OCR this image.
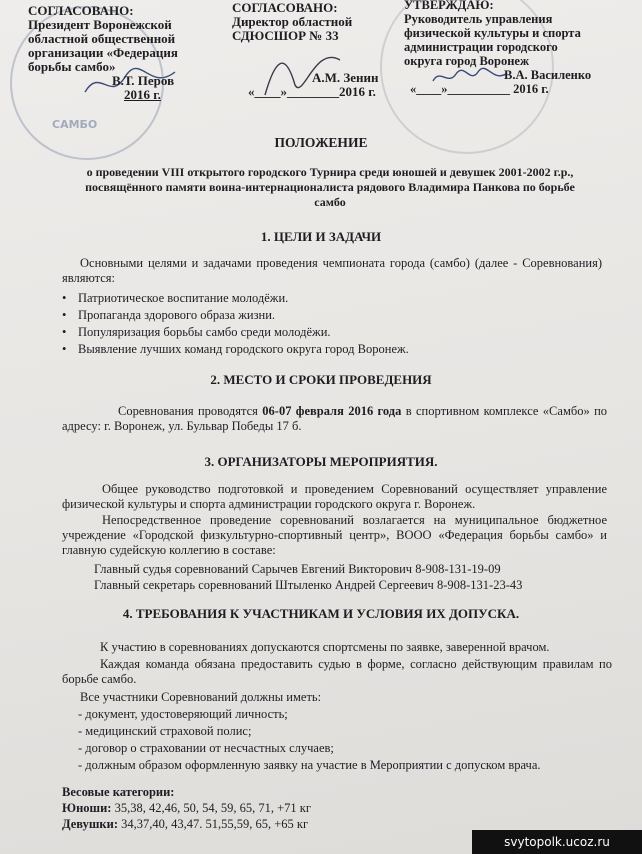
САМБО
СОГЛАСОВАНО:
Президент Воронежской
областной общественной
организации «Федерация
борьбы самбо»
В.Т. Перов
2016 г.
СОГЛАСОВАНО:
Директор областной
СДЮСШОР № 33
А.М. Зенин
«____»________2016 г.
УТВЕРЖДАЮ:
Руководитель управления
физической культуры и спорта
администрации городского
округа город Воронеж
В.А. Василенко
«____»__________ 2016 г.
ПОЛОЖЕНИЕ
о проведении VIII открытого городского Турнира среди юношей и девушек 2001-2002 г.р.,
посвящённого памяти воина-интернационалиста рядового Владимира Панкова по борьбе
самбо
1. ЦЕЛИ И ЗАДАЧИ
Основными целями и задачами проведения чемпионата города (самбо) (далее - Соревнования) являются:
• Патриотическое воспитание молодёжи.
• Пропаганда здорового образа жизни.
• Популяризация борьбы самбо среди молодёжи.
• Выявление лучших команд городского округа город Воронеж.
2. МЕСТО И СРОКИ ПРОВЕДЕНИЯ
Соревнования проводятся 06-07 февраля 2016 года в спортивном комплексе «Самбо» по адресу: г. Воронеж, ул. Бульвар Победы 17 б.
3. ОРГАНИЗАТОРЫ МЕРОПРИЯТИЯ.
Общее руководство подготовкой и проведением Соревнований осуществляет управление физической культуры и спорта администрации городского округа г. Воронеж.
Непосредственное проведение соревнований возлагается на муниципальное бюджетное учреждение «Городской физкультурно-спортивный центр», ВООО «Федерация борьбы самбо» и главную судейскую коллегию в составе:
Главный судья соревнований Сарычев Евгений Викторович 8-908-131-19-09
Главный секретарь соревнований Штыленко Андрей Сергеевич 8-908-131-23-43
4. ТРЕБОВАНИЯ К УЧАСТНИКАМ И УСЛОВИЯ ИХ ДОПУСКА.
К участию в соревнованиях допускаются спортсмены по заявке, заверенной врачом.
Каждая команда обязана предоставить судью в форме, согласно действующим правилам по борьбе самбо.
Все участники Соревнований должны иметь:
- документ, удостоверяющий личность;
- медицинский страховой полис;
- договор о страховании от несчастных случаев;
- должным образом оформленную заявку на участие в Мероприятии с допуском врача.
Весовые категории:
Юноши: 35,38, 42,46, 50, 54, 59, 65, 71, +71 кг
Девушки: 34,37,40, 43,47. 51,55,59, 65, +65 кг
svytopolk.ucoz.ru
